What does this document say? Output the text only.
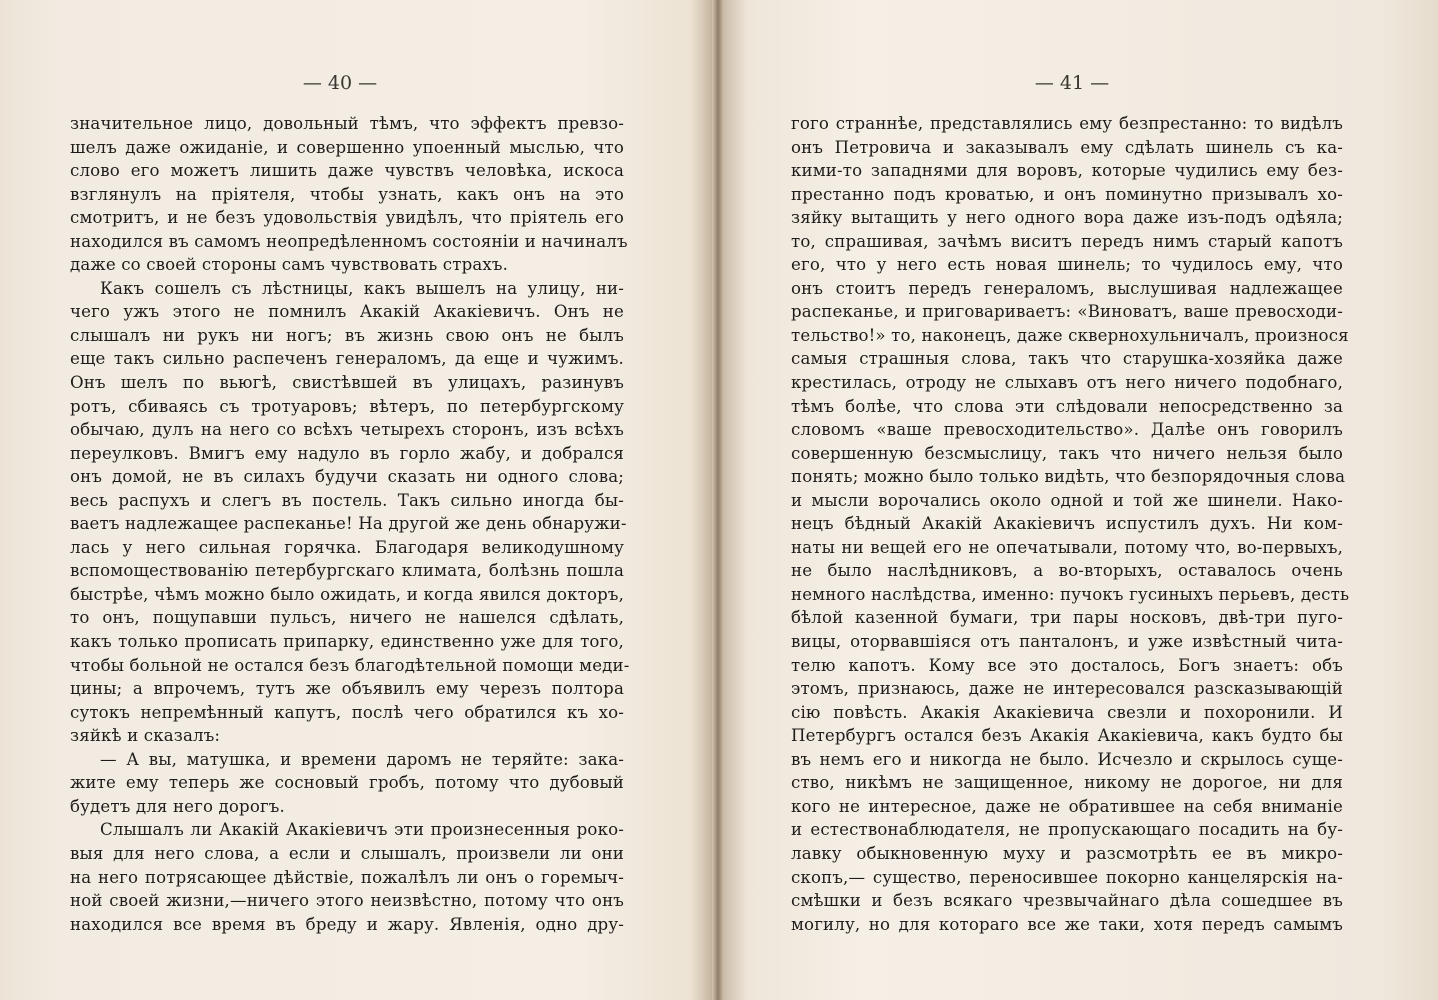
— 40 —
значительное лицо, довольный тѣмъ, что эффектъ превзо-
шелъ даже ожиданіе, и совершенно упоенный мыслью, что
слово его можетъ лишить даже чувствъ человѣка, искоса
взглянулъ на пріятеля, чтобы узнать, какъ онъ на это
смотритъ, и не безъ удовольствія увидѣлъ, что пріятель его
находился въ самомъ неопредѣленномъ состояніи и начиналъ
даже со своей стороны самъ чувствовать страхъ.
Какъ сошелъ съ лѣстницы, какъ вышелъ на улицу, ни-
чего ужъ этого не помнилъ Акакій Акакіевичъ. Онъ не
слышалъ ни рукъ ни ногъ; въ жизнь свою онъ не былъ
еще такъ сильно распеченъ генераломъ, да еще и чужимъ.
Онъ шелъ по вьюгѣ, свистѣвшей въ улицахъ, разинувъ
ротъ, сбиваясь съ тротуаровъ; вѣтеръ, по петербургскому
обычаю, дулъ на него со всѣхъ четырехъ сторонъ, изъ всѣхъ
переулковъ. Вмигъ ему надуло въ горло жабу, и добрался
онъ домой, не въ силахъ будучи сказать ни одного слова;
весь распухъ и слегъ въ постель. Такъ сильно иногда бы-
ваетъ надлежащее распеканье! На другой же день обнаружи-
лась у него сильная горячка. Благодаря великодушному
вспомоществованію петербургскаго климата, болѣзнь пошла
быстрѣе, чѣмъ можно было ожидать, и когда явился докторъ,
то онъ, пощупавши пульсъ, ничего не нашелся сдѣлать,
какъ только прописать припарку, единственно уже для того,
чтобы больной не остался безъ благодѣтельной помощи меди-
цины; а впрочемъ, тутъ же объявилъ ему черезъ полтора
сутокъ непремѣнный капутъ, послѣ чего обратился къ хо-
зяйкѣ и сказалъ:
— А вы, матушка, и времени даромъ не теряйте: зака-
жите ему теперь же сосновый гробъ, потому что дубовый
будетъ для него дорогъ.
Слышалъ ли Акакій Акакіевичъ эти произнесенныя роко-
выя для него слова, а если и слышалъ, произвели ли они
на него потрясающее дѣйствіе, пожалѣлъ ли онъ о горемыч-
ной своей жизни,—ничего этого неизвѣстно, потому что онъ
находился все время въ бреду и жару. Явленія, одно дру-
— 41 —
гого страннѣе, представлялись ему безпрестанно: то видѣлъ
онъ Петровича и заказывалъ ему сдѣлать шинель съ ка-
кими-то западнями для воровъ, которые чудились ему без-
престанно подъ кроватью, и онъ поминутно призывалъ хо-
зяйку вытащить у него одного вора даже изъ-подъ одѣяла;
то, спрашивая, зачѣмъ виситъ передъ нимъ старый капотъ
его, что у него есть новая шинель; то чудилось ему, что
онъ стоитъ передъ генераломъ, выслушивая надлежащее
распеканье, и приговариваетъ: «Виноватъ, ваше превосходи-
тельство!» то, наконецъ, даже сквернохульничалъ, произнося
самыя страшныя слова, такъ что старушка-хозяйка даже
крестилась, отроду не слыхавъ отъ него ничего подобнаго,
тѣмъ болѣе, что слова эти слѣдовали непосредственно за
словомъ «ваше превосходительство». Далѣе онъ говорилъ
совершенную безсмыслицу, такъ что ничего нельзя было
понять; можно было только видѣть, что безпорядочныя слова
и мысли ворочались около одной и той же шинели. Нако-
нецъ бѣдный Акакій Акакіевичъ испустилъ духъ. Ни ком-
наты ни вещей его не опечатывали, потому что, во-первыхъ,
не было наслѣдниковъ, а во-вторыхъ, оставалось очень
немного наслѣдства, именно: пучокъ гусиныхъ перьевъ, десть
бѣлой казенной бумаги, три пары носковъ, двѣ-три пуго-
вицы, оторвавшіяся отъ панталонъ, и уже извѣстный чита-
телю капотъ. Кому все это досталось, Богъ знаетъ: объ
этомъ, признаюсь, даже не интересовался разсказывающій
сію повѣсть. Акакія Акакіевича свезли и похоронили. И
Петербургъ остался безъ Акакія Акакіевича, какъ будто бы
въ немъ его и никогда не было. Исчезло и скрылось суще-
ство, никѣмъ не защищенное, никому не дорогое, ни для
кого не интересное, даже не обратившее на себя вниманіе
и естествонаблюдателя, не пропускающаго посадить на бу-
лавку обыкновенную муху и разсмотрѣть ее въ микро-
скопъ,— существо, переносившее покорно канцелярскія на-
смѣшки и безъ всякаго чрезвычайнаго дѣла сошедшее въ
могилу, но для котораго все же таки, хотя передъ самымъ
